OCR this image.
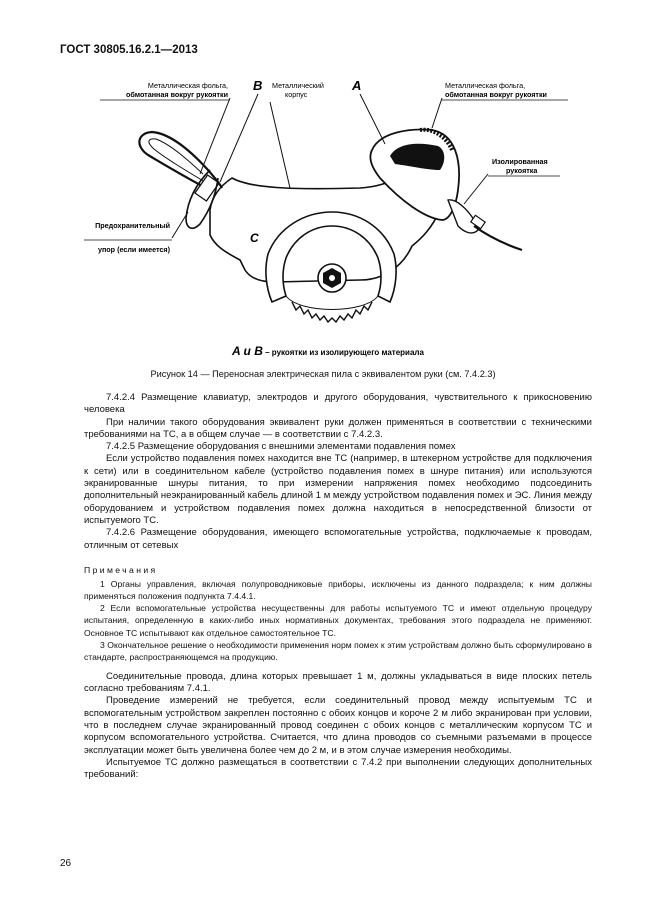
ГОСТ 30805.16.2.1—2013
Металлическая фольга,
обмотанная вокруг рукоятки
B Металлический
корпус
A	Металлическая фольга,
обмотанная вокруг рукоятки
Изолированная
рукоятка
Предохранительный
упор (если имеется)
C
A и B – рукоятки из изолирующего материала
Рисунок 14 — Переносная электрическая пила с эквивалентом руки (см. 7.4.2.3)

7.4.2.4 Размещение клавиатур, электродов и другого оборудования, чувствительного к прикосновению человека

При наличии такого оборудования эквивалент руки должен применяться в соответствии с техническими требованиями на ТС, а в общем случае — в соответствии с 7.4.2.3.

7.4.2.5 Размещение оборудования с внешними элементами подавления помех

Если устройство подавления помех находится вне ТС (например, в штекерном устройстве для подключения к сети) или в соединительном кабеле (устройство подавления помех в шнуре питания) или используются экранированные шнуры питания, то при измерении напряжения помех необходимо подсоединить дополнительный неэкранированный кабель длиной 1 м между устройством подавления помех и ЭС. Линия между оборудованием и устройством подавления помех должна находиться в непосредственной близости от испытуемого ТС.

7.4.2.6 Размещение оборудования, имеющего вспомогательные устройства, подключаемые к проводам, отличным от сетевых

Примечания

1 Органы управления, включая полупроводниковые приборы, исключены из данного подраздела; к ним должны применяться положения подпункта 7.4.4.1.

2 Если вспомогательные устройства несущественны для работы испытуемого ТС и имеют отдельную процедуру испытания, определенную в каких-либо иных нормативных документах, требования этого подраздела не применяют. Основное ТС испытывают как отдельное самостоятельное ТС.

3 Окончательное решение о необходимости применения норм помех к этим устройствам должно быть сформулировано в стандарте, распространяющемся на продукцию.

Соединительные провода, длина которых превышает 1 м, должны укладываться в виде плоских петель согласно требованиям 7.4.1.

Проведение измерений не требуется, если соединительный провод между испытуемым ТС и вспомогательным устройством закреплен постоянно с обоих концов и короче 2 м либо экранирован при условии, что в последнем случае экранированный провод соединен с обоих концов с металлическим корпусом ТС и корпусом вспомогательного устройства. Считается, что длина проводов со съемными разъемами в процессе эксплуатации может быть увеличена более чем до 2 м, и в этом случае измерения необходимы.

Испытуемое ТС должно размещаться в соответствии с 7.4.2 при выполнении следующих дополнительных требований:

26
